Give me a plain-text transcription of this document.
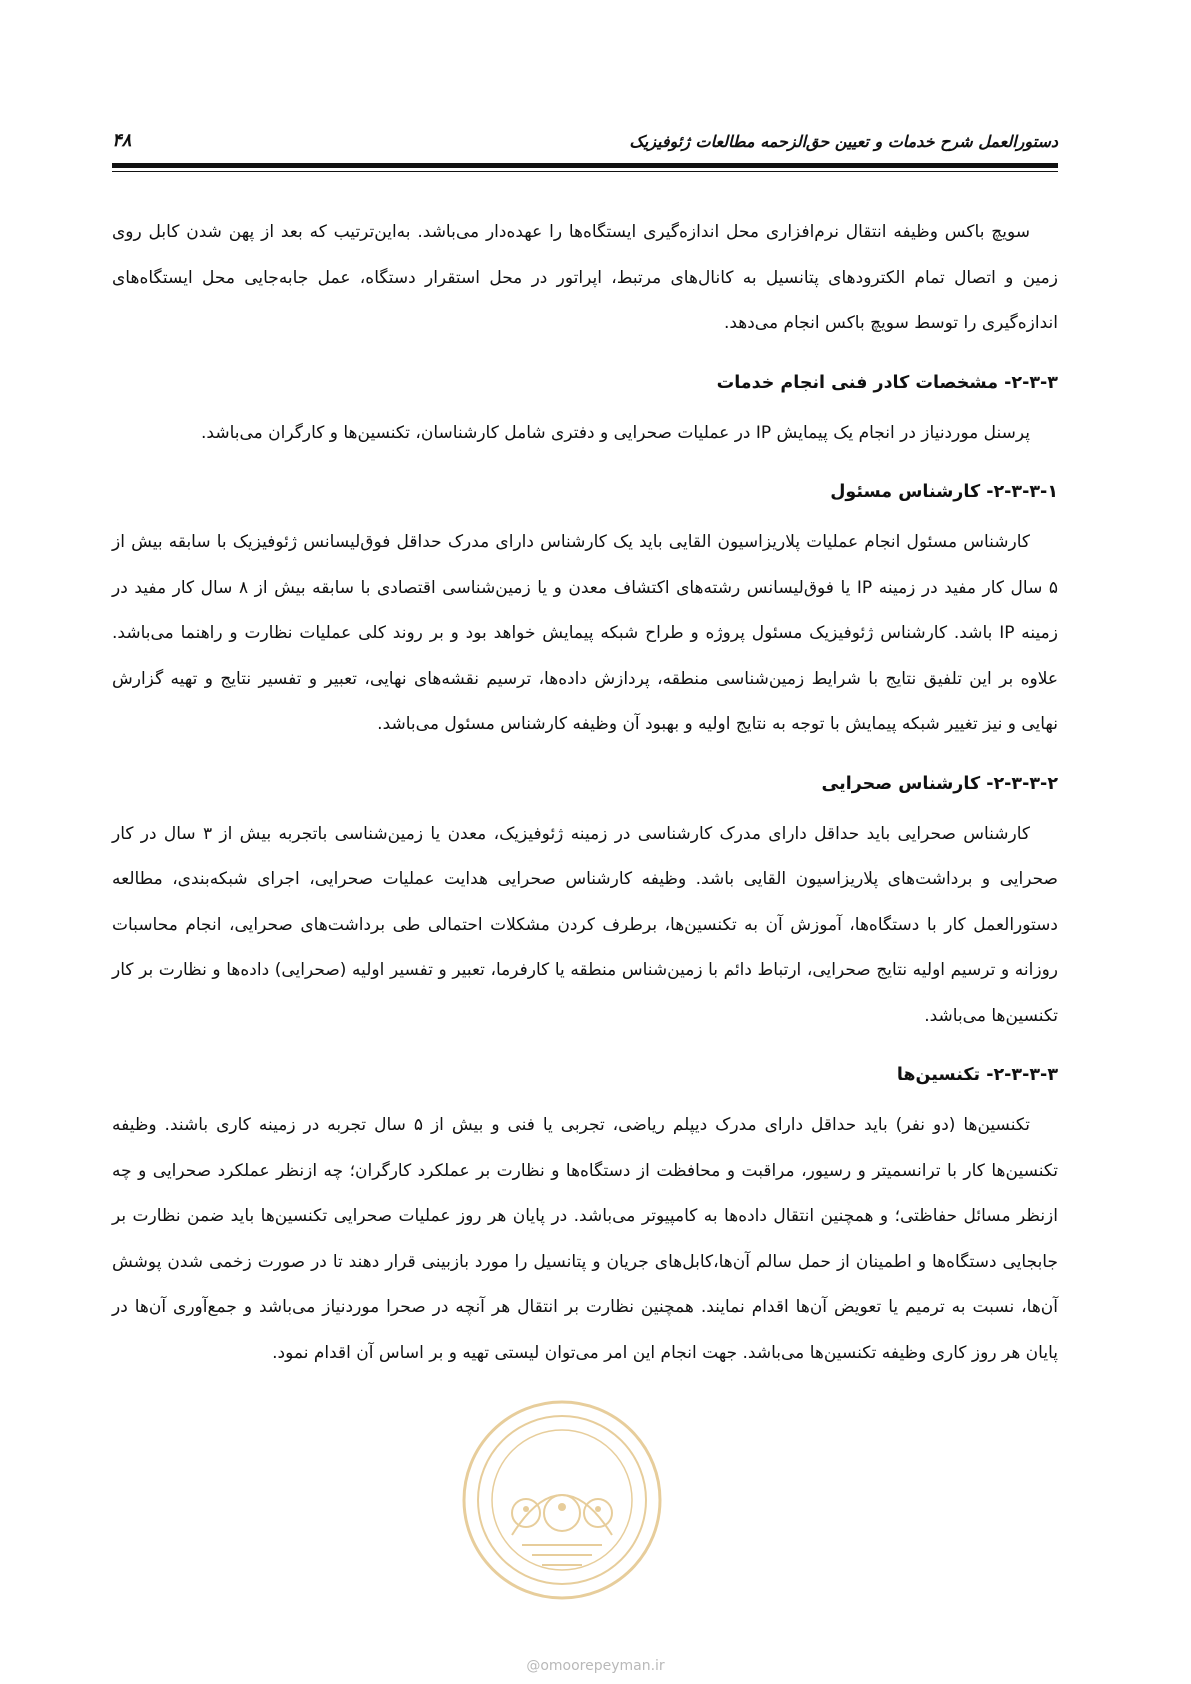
دستورالعمل شرح خدمات و تعیین حق‌الزحمه مطالعات ژئوفیزیک
۴۸

سویچ باکس وظیفه انتقال نرم‌افزاری محل اندازه‌گیری ایستگاه‌ها را عهده‌دار می‌باشد. به‌این‌ترتیب که بعد از پهن شدن کابل روی زمین و اتصال تمام الکترودهای پتانسیل به کانال‌های مرتبط، اپراتور در محل استقرار دستگاه، عمل جابه‌جایی محل ایستگاه‌های اندازه‌گیری را توسط سویچ باکس انجام می‌دهد.

۲-۳-۳- مشخصات کادر فنی انجام خدمات

پرسنل موردنیاز در انجام یک پیمایش IP در عملیات صحرایی و دفتری شامل کارشناسان، تکنسین‌ها و کارگران می‌باشد.

۲-۳-۳-۱- کارشناس مسئول

کارشناس مسئول انجام عملیات پلاریزاسیون القایی باید یک کارشناس دارای مدرک حداقل فوق‌لیسانس ژئوفیزیک با سابقه بیش از ۵ سال کار مفید در زمینه IP یا فوق‌لیسانس رشته‌های اکتشاف معدن و یا زمین‌شناسی اقتصادی با سابقه بیش از ۸ سال کار مفید در زمینه IP باشد. کارشناس ژئوفیزیک مسئول پروژه و طراح شبکه پیمایش خواهد بود و بر روند کلی عملیات نظارت و راهنما می‌باشد. علاوه بر این تلفیق نتایج با شرایط زمین‌شناسی منطقه، پردازش داده‌ها، ترسیم نقشه‌های نهایی، تعبیر و تفسیر نتایج و تهیه گزارش نهایی و نیز تغییر شبکه پیمایش با توجه به نتایج اولیه و بهبود آن وظیفه کارشناس مسئول می‌باشد.

۲-۳-۳-۲- کارشناس صحرایی

کارشناس صحرایی باید حداقل دارای مدرک کارشناسی در زمینه ژئوفیزیک، معدن یا زمین‌شناسی باتجربه بیش از ۳ سال در کار صحرایی و برداشت‌های پلاریزاسیون القایی باشد. وظیفه کارشناس صحرایی هدایت عملیات صحرایی، اجرای شبکه‌بندی، مطالعه دستورالعمل کار با دستگاه‌ها، آموزش آن به تکنسین‌ها، برطرف کردن مشکلات احتمالی طی برداشت‌های صحرایی، انجام محاسبات روزانه و ترسیم اولیه نتایج صحرایی، ارتباط دائم با زمین‌شناس منطقه یا کارفرما، تعبیر و تفسیر اولیه (صحرایی) داده‌ها و نظارت بر کار تکنسین‌ها می‌باشد.

۲-۳-۳-۳- تکنسین‌ها

تکنسین‌ها (دو نفر) باید حداقل دارای مدرک دیپلم ریاضی، تجربی یا فنی و بیش از ۵ سال تجربه در زمینه کاری باشند. وظیفه تکنسین‌ها کار با ترانسمیتر و رسیور، مراقبت و محافظت از دستگاه‌ها و نظارت بر عملکرد کارگران؛ چه ازنظر عملکرد صحرایی و چه ازنظر مسائل حفاظتی؛ و همچنین انتقال داده‌ها به کامپیوتر می‌باشد. در پایان هر روز عملیات صحرایی تکنسین‌ها باید ضمن نظارت بر جابجایی دستگاه‌ها و اطمینان از حمل سالم آن‌ها،کابل‌های جریان و پتانسیل را مورد بازبینی قرار دهند تا در صورت زخمی شدن پوشش آن‌ها، نسبت به ترمیم یا تعویض آن‌ها اقدام نمایند. همچنین نظارت بر انتقال هر آنچه در صحرا موردنیاز می‌باشد و جمع‌آوری آن‌ها در پایان هر روز کاری وظیفه تکنسین‌ها می‌باشد. جهت انجام این امر می‌توان لیستی تهیه و بر اساس آن اقدام نمود.

@omoorepeyman.ir
